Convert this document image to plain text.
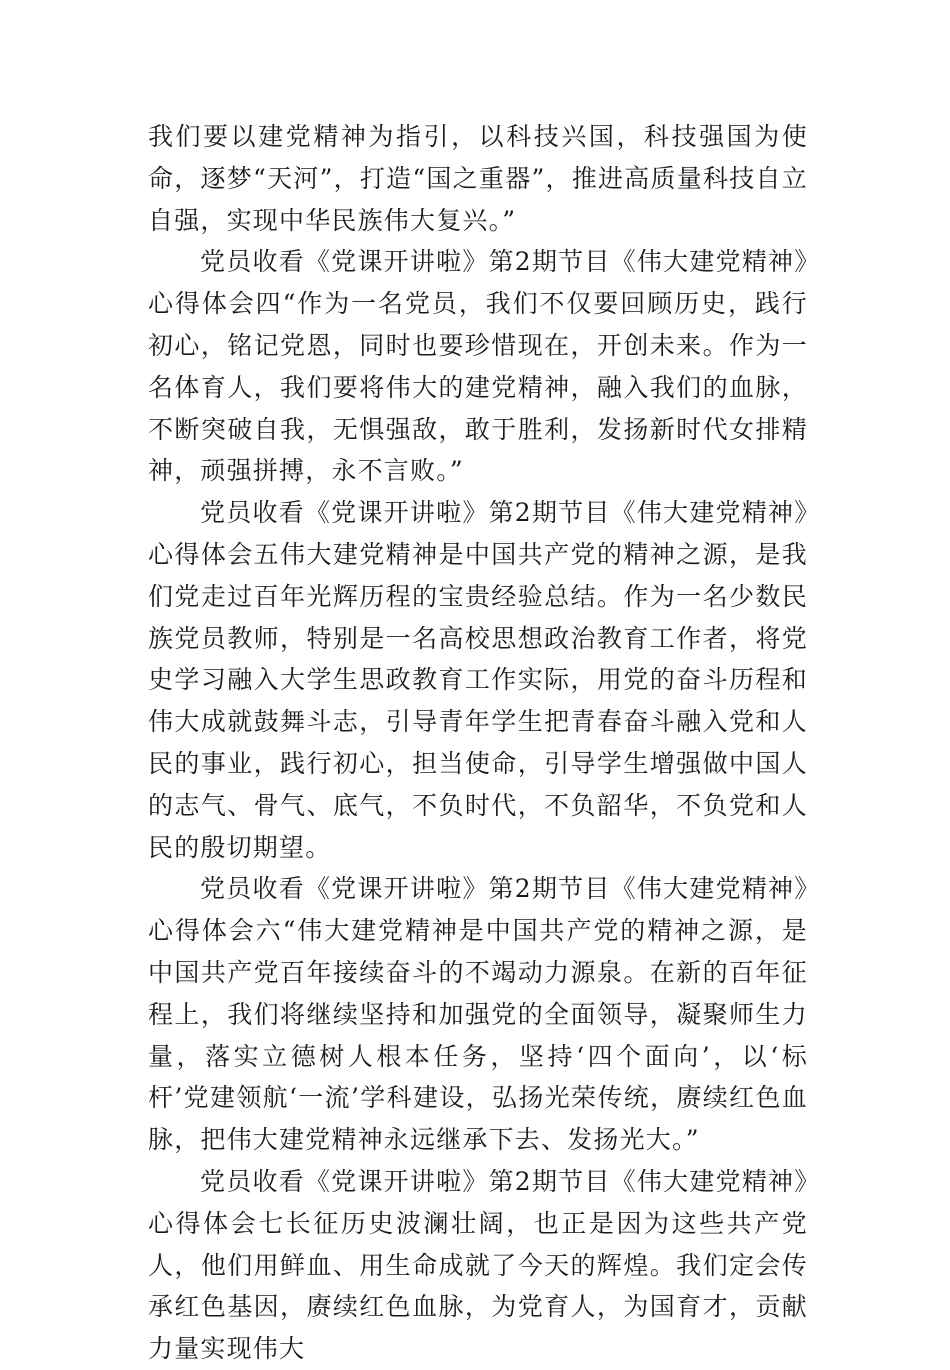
我们要以建党精神为指引，以科技兴国，科技强国为使命，逐梦“天河”，打造“国之重器”，推进高质量科技自立自强，实现中华民族伟大复兴。”

党员收看《党课开讲啦》第2期节目《伟大建党精神》心得体会四“作为一名党员，我们不仅要回顾历史，践行初心，铭记党恩，同时也要珍惜现在，开创未来。作为一名体育人，我们要将伟大的建党精神，融入我们的血脉，不断突破自我，无惧强敌，敢于胜利，发扬新时代女排精神，顽强拼搏，永不言败。”

党员收看《党课开讲啦》第2期节目《伟大建党精神》心得体会五伟大建党精神是中国共产党的精神之源，是我们党走过百年光辉历程的宝贵经验总结。作为一名少数民族党员教师，特别是一名高校思想政治教育工作者，将党史学习融入大学生思政教育工作实际，用党的奋斗历程和伟大成就鼓舞斗志，引导青年学生把青春奋斗融入党和人民的事业，践行初心，担当使命，引导学生增强做中国人的志气、骨气、底气，不负时代，不负韶华，不负党和人民的殷切期望。

党员收看《党课开讲啦》第2期节目《伟大建党精神》心得体会六“伟大建党精神是中国共产党的精神之源，是中国共产党百年接续奋斗的不竭动力源泉。在新的百年征程上，我们将继续坚持和加强党的全面领导，凝聚师生力量，落实立德树人根本任务，坚持‘四个面向’，以‘标杆’党建领航‘一流’学科建设，弘扬光荣传统，赓续红色血脉，把伟大建党精神永远继承下去、发扬光大。”

党员收看《党课开讲啦》第2期节目《伟大建党精神》心得体会七长征历史波澜壮阔，也正是因为这些共产党人，他们用鲜血、用生命成就了今天的辉煌。我们定会传承红色基因，赓续红色血脉，为党育人，为国育才，贡献力量实现伟大
